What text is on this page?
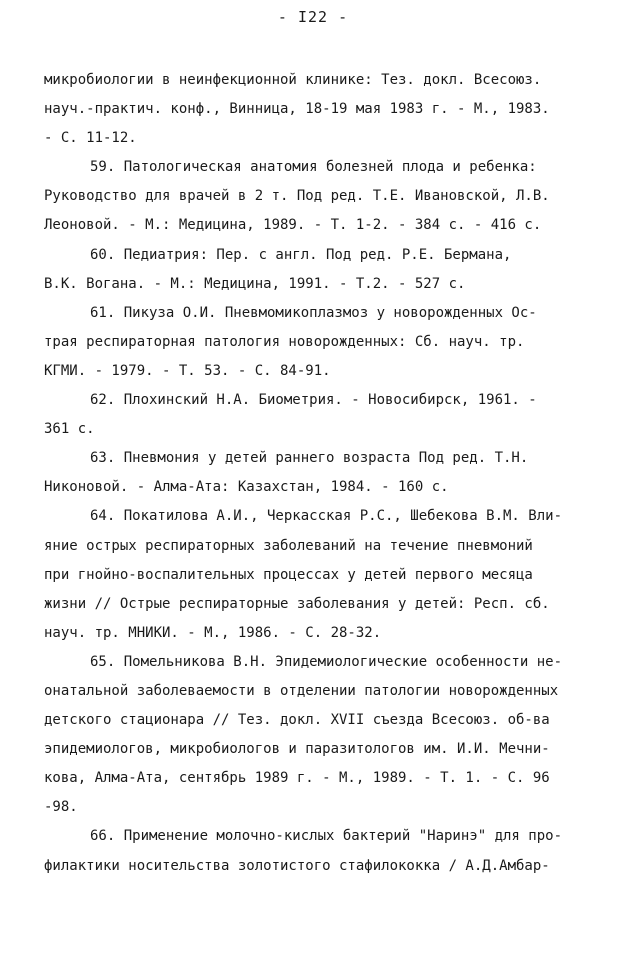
- I22 -
микробиологии в неинфекционной клинике: Тез. докл. Всесоюз.
науч.-практич. конф., Винница, 18-19 мая 1983 г. - М., 1983.
- С. 11-12.
59. Патологическая анатомия болезней плода и ребенка:
Руководство для врачей в 2 т. Под ред. Т.Е. Ивановской, Л.В.
Леоновой. - М.: Медицина, 1989. - Т. 1-2. - 384 с. - 416 с.
60. Педиатрия: Пер. с англ. Под ред. Р.Е. Бермана,
В.К. Вогана. - М.: Медицина, 1991. - Т.2. - 527 с.
61. Пикуза О.И. Пневмомикоплазмоз у новорожденных Ос-
трая респираторная патология новорожденных: Сб. науч. тр.
КГМИ. - 1979. - Т. 53. - С. 84-91.
62. Плохинский Н.А. Биометрия. - Новосибирск, 1961. -
361 с.
63. Пневмония у детей раннего возраста Под ред. Т.Н.
Никоновой. - Алма-Ата: Казахстан, 1984. - 160 с.
64. Покатилова А.И., Черкасская Р.С., Шебекова В.М. Вли-
яние острых респираторных заболеваний на течение пневмоний
при гнойно-воспалительных процессах у детей первого месяца
жизни // Острые респираторные заболевания у детей: Респ. сб.
науч. тр. МНИКИ. - М., 1986. - С. 28-32.
65. Помельникова В.Н. Эпидемиологические особенности не-
онатальной заболеваемости в отделении патологии новорожденных
детского стационара // Тез. докл. XVII съезда Всесоюз. об-ва
эпидемиологов, микробиологов и паразитологов им. И.И. Мечни-
кова, Алма-Ата, сентябрь 1989 г. - М., 1989. - Т. 1. - С. 96
-98.
66. Применение молочно-кислых бактерий "Наринэ" для про-
филактики носительства золотистого стафилококка / А.Д.Амбар-
